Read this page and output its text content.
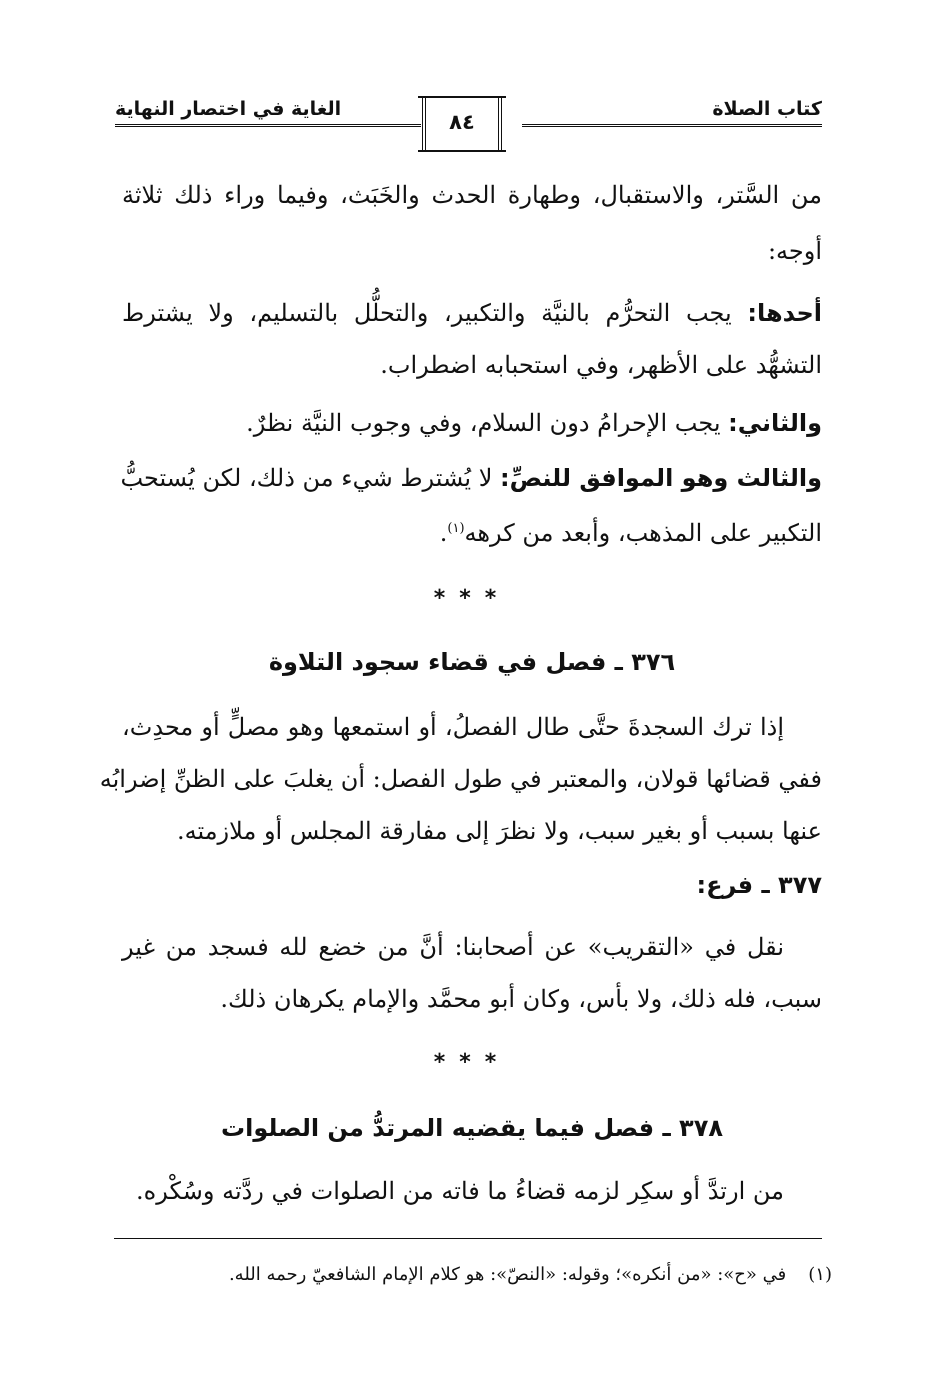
كتاب الصلاة
الغاية في اختصار النهاية
٨٤
من السَّتر، والاستقبال، وطهارة الحدث والخَبَث، وفيما وراء ذلك ثلاثة
أوجه:
أحدها: يجب التحرُّم بالنيَّة والتكبير، والتحلُّل بالتسليم، ولا يشترط
التشهُّد على الأظهر، وفي استحبابه اضطراب.
والثاني: يجب الإحرامُ دون السلام، وفي وجوب النيَّة نظرٌ.
والثالث وهو الموافق للنصِّ: لا يُشترط شيء من ذلك، لكن يُستحبُّ
التكبير على المذهب، وأبعد من كرهه$^{(١)}$.
***
٣٧٦ ـ فصل في قضاء سجود التلاوة
إذا ترك السجدةَ حتَّى طال الفصلُ، أو استمعها وهو مصلٍّ أو محدِث،
ففي قضائها قولان، والمعتبر في طول الفصل: أن يغلبَ على الظنِّ إضرابُه
عنها بسبب أو بغير سبب، ولا نظرَ إلى مفارقة المجلس أو ملازمته.
٣٧٧ ـ فرع:
نقل في «التقريب» عن أصحابنا: أنَّ من خضع لله فسجد من غير
سبب، فله ذلك، ولا بأس، وكان أبو محمَّد والإمام يكرهان ذلك.
***
٣٧٨ ـ فصل فيما يقضيه المرتدُّ من الصلوات
من ارتدَّ أو سكِر لزمه قضاءُ ما فاته من الصلوات في ردَّته وسُكْره.
(١)في «ح»: «من أنكره»؛ وقوله: «النصّ»: هو كلام الإمام الشافعيّ رحمه الله.
